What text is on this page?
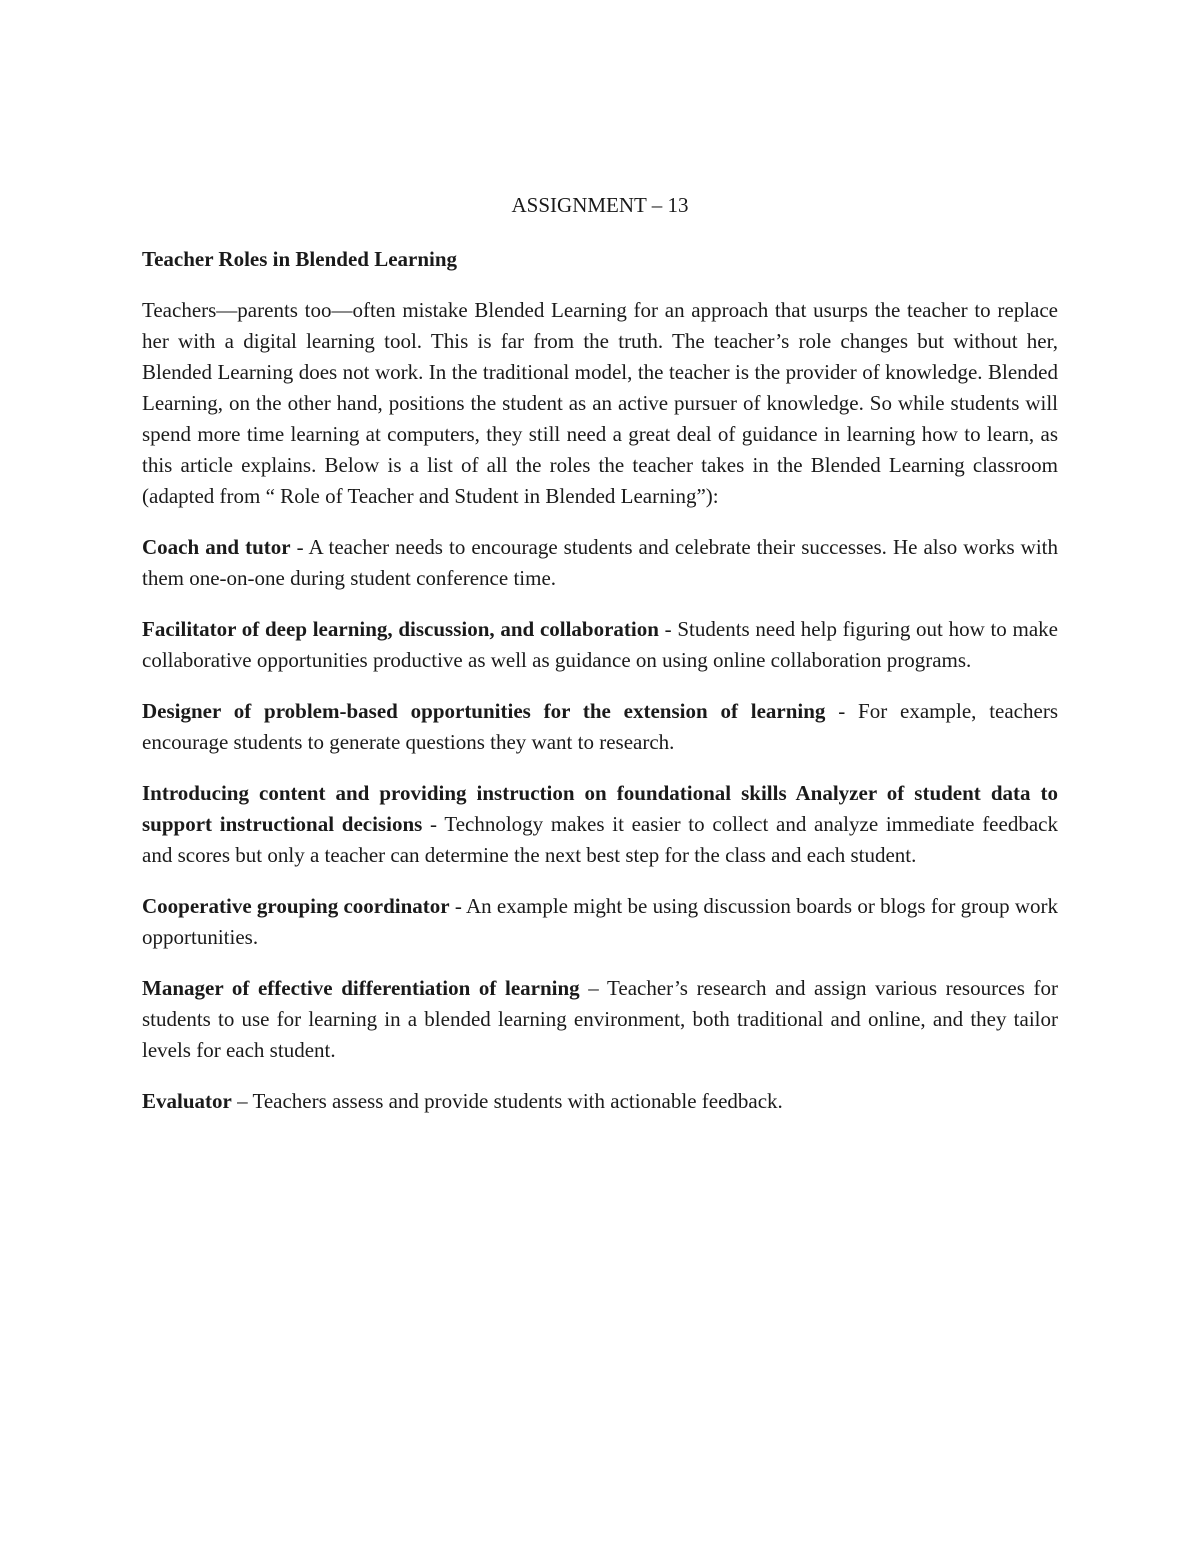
ASSIGNMENT – 13
Teacher Roles in Blended Learning

Teachers—parents too—often mistake Blended Learning for an approach that usurps the teacher to replace her with a digital learning tool. This is far from the truth. The teacher’s role changes but without her, Blended Learning does not work. In the traditional model, the teacher is the provider of knowledge. Blended Learning, on the other hand, positions the student as an active pursuer of knowledge. So while students will spend more time learning at computers, they still need a great deal of guidance in learning how to learn, as this article explains. Below is a list of all the roles the teacher takes in the Blended Learning classroom (adapted from “ Role of Teacher and Student in Blended Learning”):

Coach and tutor - A teacher needs to encourage students and celebrate their successes. He also works with them one-on-one during student conference time.

Facilitator of deep learning, discussion, and collaboration - Students need help figuring out how to make collaborative opportunities productive as well as guidance on using online collaboration programs.

Designer of problem-based opportunities for the extension of learning - For example, teachers encourage students to generate questions they want to research.

Introducing content and providing instruction on foundational skills Analyzer of student data to support instructional decisions - Technology makes it easier to collect and analyze immediate feedback and scores but only a teacher can determine the next best step for the class and each student.

Cooperative grouping coordinator - An example might be using discussion boards or blogs for group work opportunities.

Manager of effective differentiation of learning – Teacher’s research and assign various resources for students to use for learning in a blended learning environment, both traditional and online, and they tailor levels for each student.

Evaluator – Teachers assess and provide students with actionable feedback.
